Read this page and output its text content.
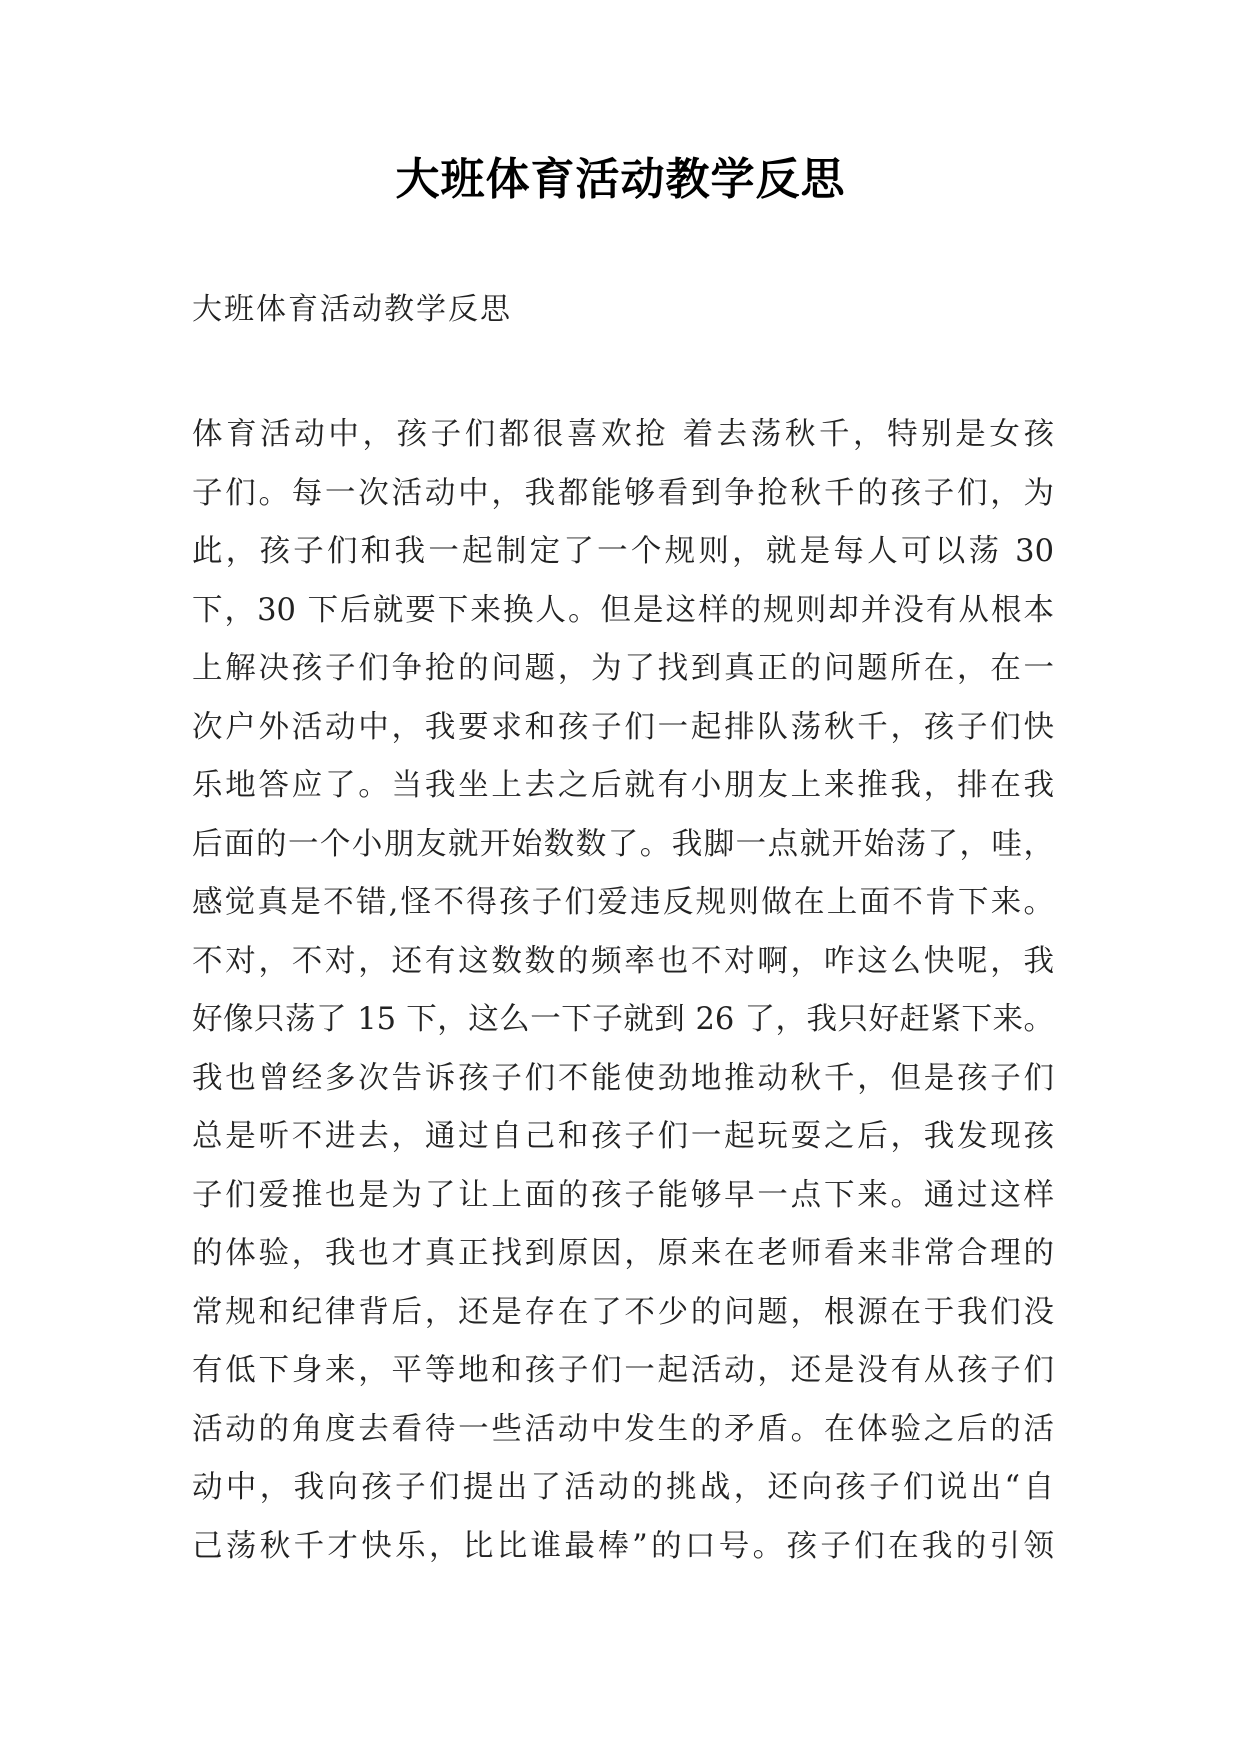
大班体育活动教学反思
大班体育活动教学反思
体育活动中，孩子们都很喜欢抢 着去荡秋千，特别是女孩
子们。每一次活动中，我都能够看到争抢秋千的孩子们，为
此，孩子们和我一起制定了一个规则，就是每人可以荡 30
下，30 下后就要下来换人。但是这样的规则却并没有从根本
上解决孩子们争抢的问题，为了找到真正的问题所在，在一
次户外活动中，我要求和孩子们一起排队荡秋千，孩子们快
乐地答应了。当我坐上去之后就有小朋友上来推我，排在我
后面的一个小朋友就开始数数了。我脚一点就开始荡了，哇，
感觉真是不错,怪不得孩子们爱违反规则做在上面不肯下来。
不对，不对，还有这数数的频率也不对啊，咋这么快呢，我
好像只荡了 15 下，这么一下子就到 26 了，我只好赶紧下来。
我也曾经多次告诉孩子们不能使劲地推动秋千，但是孩子们
总是听不进去，通过自己和孩子们一起玩耍之后，我发现孩
子们爱推也是为了让上面的孩子能够早一点下来。通过这样
的体验，我也才真正找到原因，原来在老师看来非常合理的
常规和纪律背后，还是存在了不少的问题，根源在于我们没
有低下身来，平等地和孩子们一起活动，还是没有从孩子们
活动的角度去看待一些活动中发生的矛盾。在体验之后的活
动中，我向孩子们提出了活动的挑战，还向孩子们说出“自
己荡秋千才快乐，比比谁最棒”的口号。孩子们在我的引领
